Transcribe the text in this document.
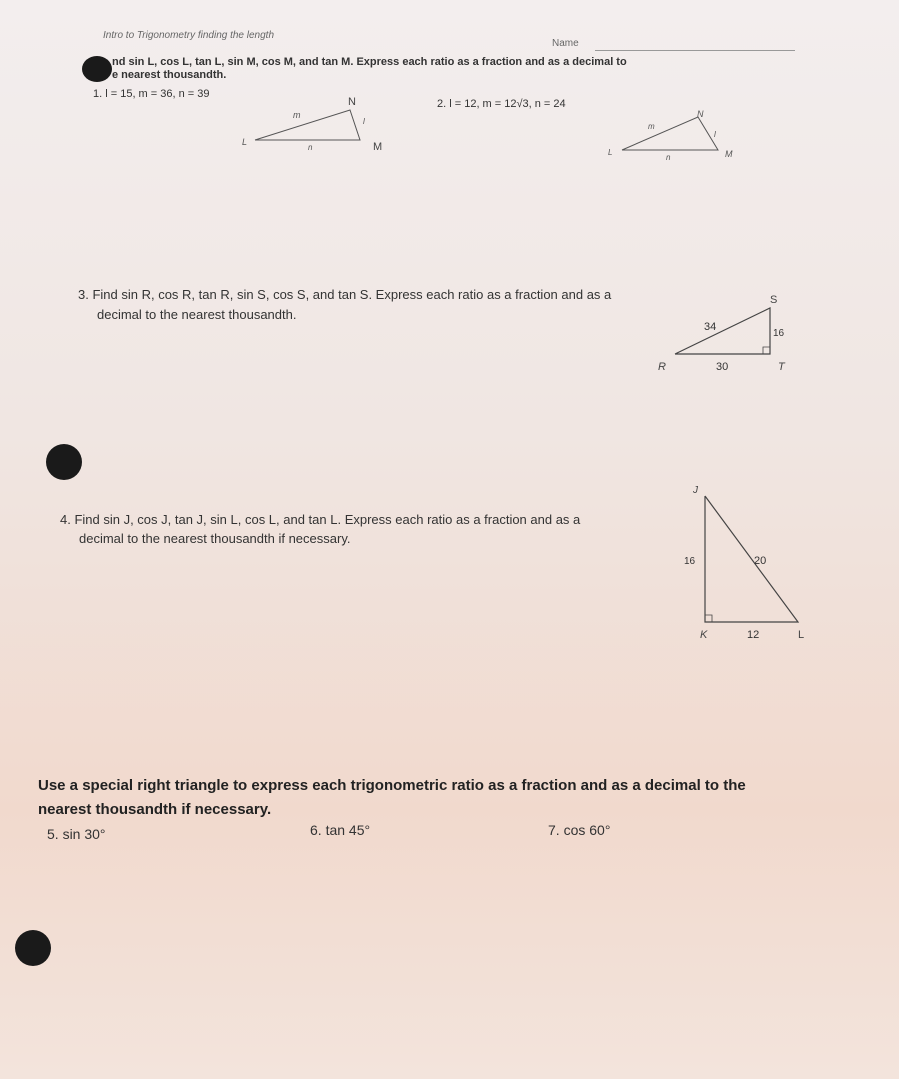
Intro to Trigonometry finding the length
Name
nd sin L, cos L, tan L, sin M, cos M, and tan M. Express each ratio as a fraction and as a decimal to
e nearest thousandth.
1. l = 15, m = 36, n = 39
N
L	M
m
l
n
2. l = 12, m = 12√3, n = 24
N
L	M
m
l
n
3. Find sin R, cos R, tan R, sin S, cos S, and tan S. Express each ratio as a fraction and as a
decimal to the nearest thousandth.
S
R	T
34
16
30
4. Find sin J, cos J, tan J, sin L, cos L, and tan L. Express each ratio as a fraction and as a
decimal to the nearest thousandth if necessary.
J
K	L
16	20
12
Use a special right triangle to express each trigonometric ratio as a fraction and as a decimal to the
nearest thousandth if necessary.
5. sin 30°	6. tan 45°	7. cos 60°
